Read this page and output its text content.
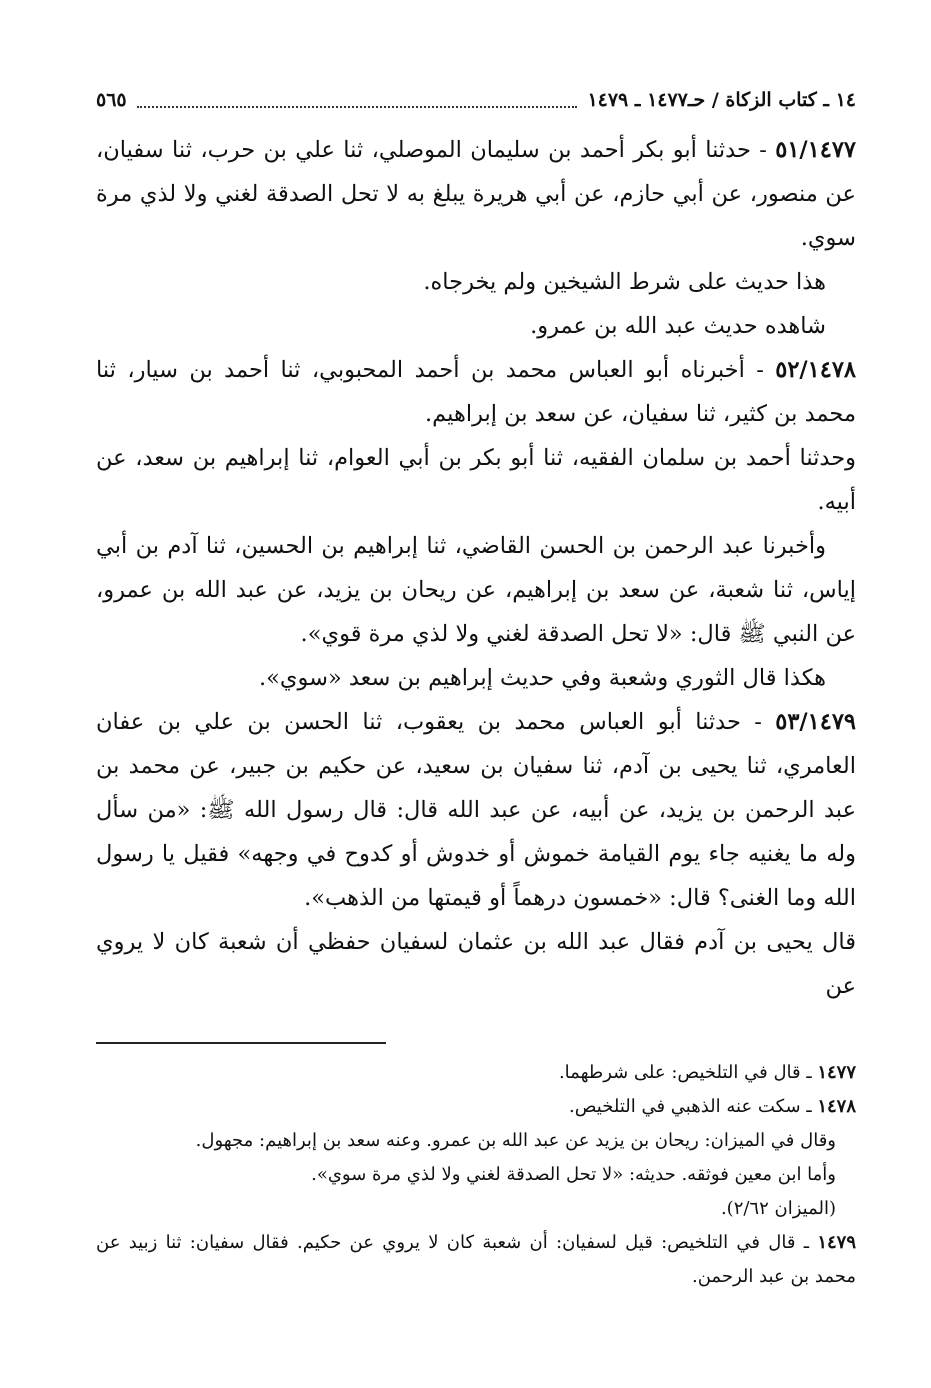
١٤ ـ كتاب الزكاة / حـ١٤٧٧ ـ ١٤٧٩
٥٦٥

٥١/١٤٧٧ - حدثنا أبو بكر أحمد بن سليمان الموصلي، ثنا علي بن حرب، ثنا سفيان، عن منصور، عن أبي حازم، عن أبي هريرة يبلغ به لا تحل الصدقة لغني ولا لذي مرة سوي.

هذا حديث على شرط الشيخين ولم يخرجاه.

شاهده حديث عبد الله بن عمرو.

٥٢/١٤٧٨ - أخبرناه أبو العباس محمد بن أحمد المحبوبي، ثنا أحمد بن سيار، ثنا محمد بن كثير، ثنا سفيان، عن سعد بن إبراهيم.

وحدثنا أحمد بن سلمان الفقيه، ثنا أبو بكر بن أبي العوام، ثنا إبراهيم بن سعد، عن أبيه.

وأخبرنا عبد الرحمن بن الحسن القاضي، ثنا إبراهيم بن الحسين، ثنا آدم بن أبي إياس، ثنا شعبة، عن سعد بن إبراهيم، عن ريحان بن يزيد، عن عبد الله بن عمرو، عن النبي ﷺ قال: «لا تحل الصدقة لغني ولا لذي مرة قوي».

هكذا قال الثوري وشعبة وفي حديث إبراهيم بن سعد «سوي».

٥٣/١٤٧٩ - حدثنا أبو العباس محمد بن يعقوب، ثنا الحسن بن علي بن عفان العامري، ثنا يحيى بن آدم، ثنا سفيان بن سعيد، عن حكيم بن جبير، عن محمد بن عبد الرحمن بن يزيد، عن أبيه، عن عبد الله قال: قال رسول الله ﷺ: «من سأل وله ما يغنيه جاء يوم القيامة خموش أو خدوش أو كدوح في وجهه» فقيل يا رسول الله وما الغنى؟ قال: «خمسون درهماً أو قيمتها من الذهب».

قال يحيى بن آدم فقال عبد الله بن عثمان لسفيان حفظي أن شعبة كان لا يروي عن

١٤٧٧ ـ قال في التلخيص: على شرطهما.

١٤٧٨ ـ سكت عنه الذهبي في التلخيص.

وقال في الميزان: ريحان بن يزيد عن عبد الله بن عمرو. وعنه سعد بن إبراهيم: مجهول.

وأما ابن معين فوثقه. حديثه: «لا تحل الصدقة لغني ولا لذي مرة سوي».

(الميزان ٢/٦٢).

١٤٧٩ ـ قال في التلخيص: قيل لسفيان: أن شعبة كان لا يروي عن حكيم. فقال سفيان: ثنا زبيد عن محمد بن عبد الرحمن.
